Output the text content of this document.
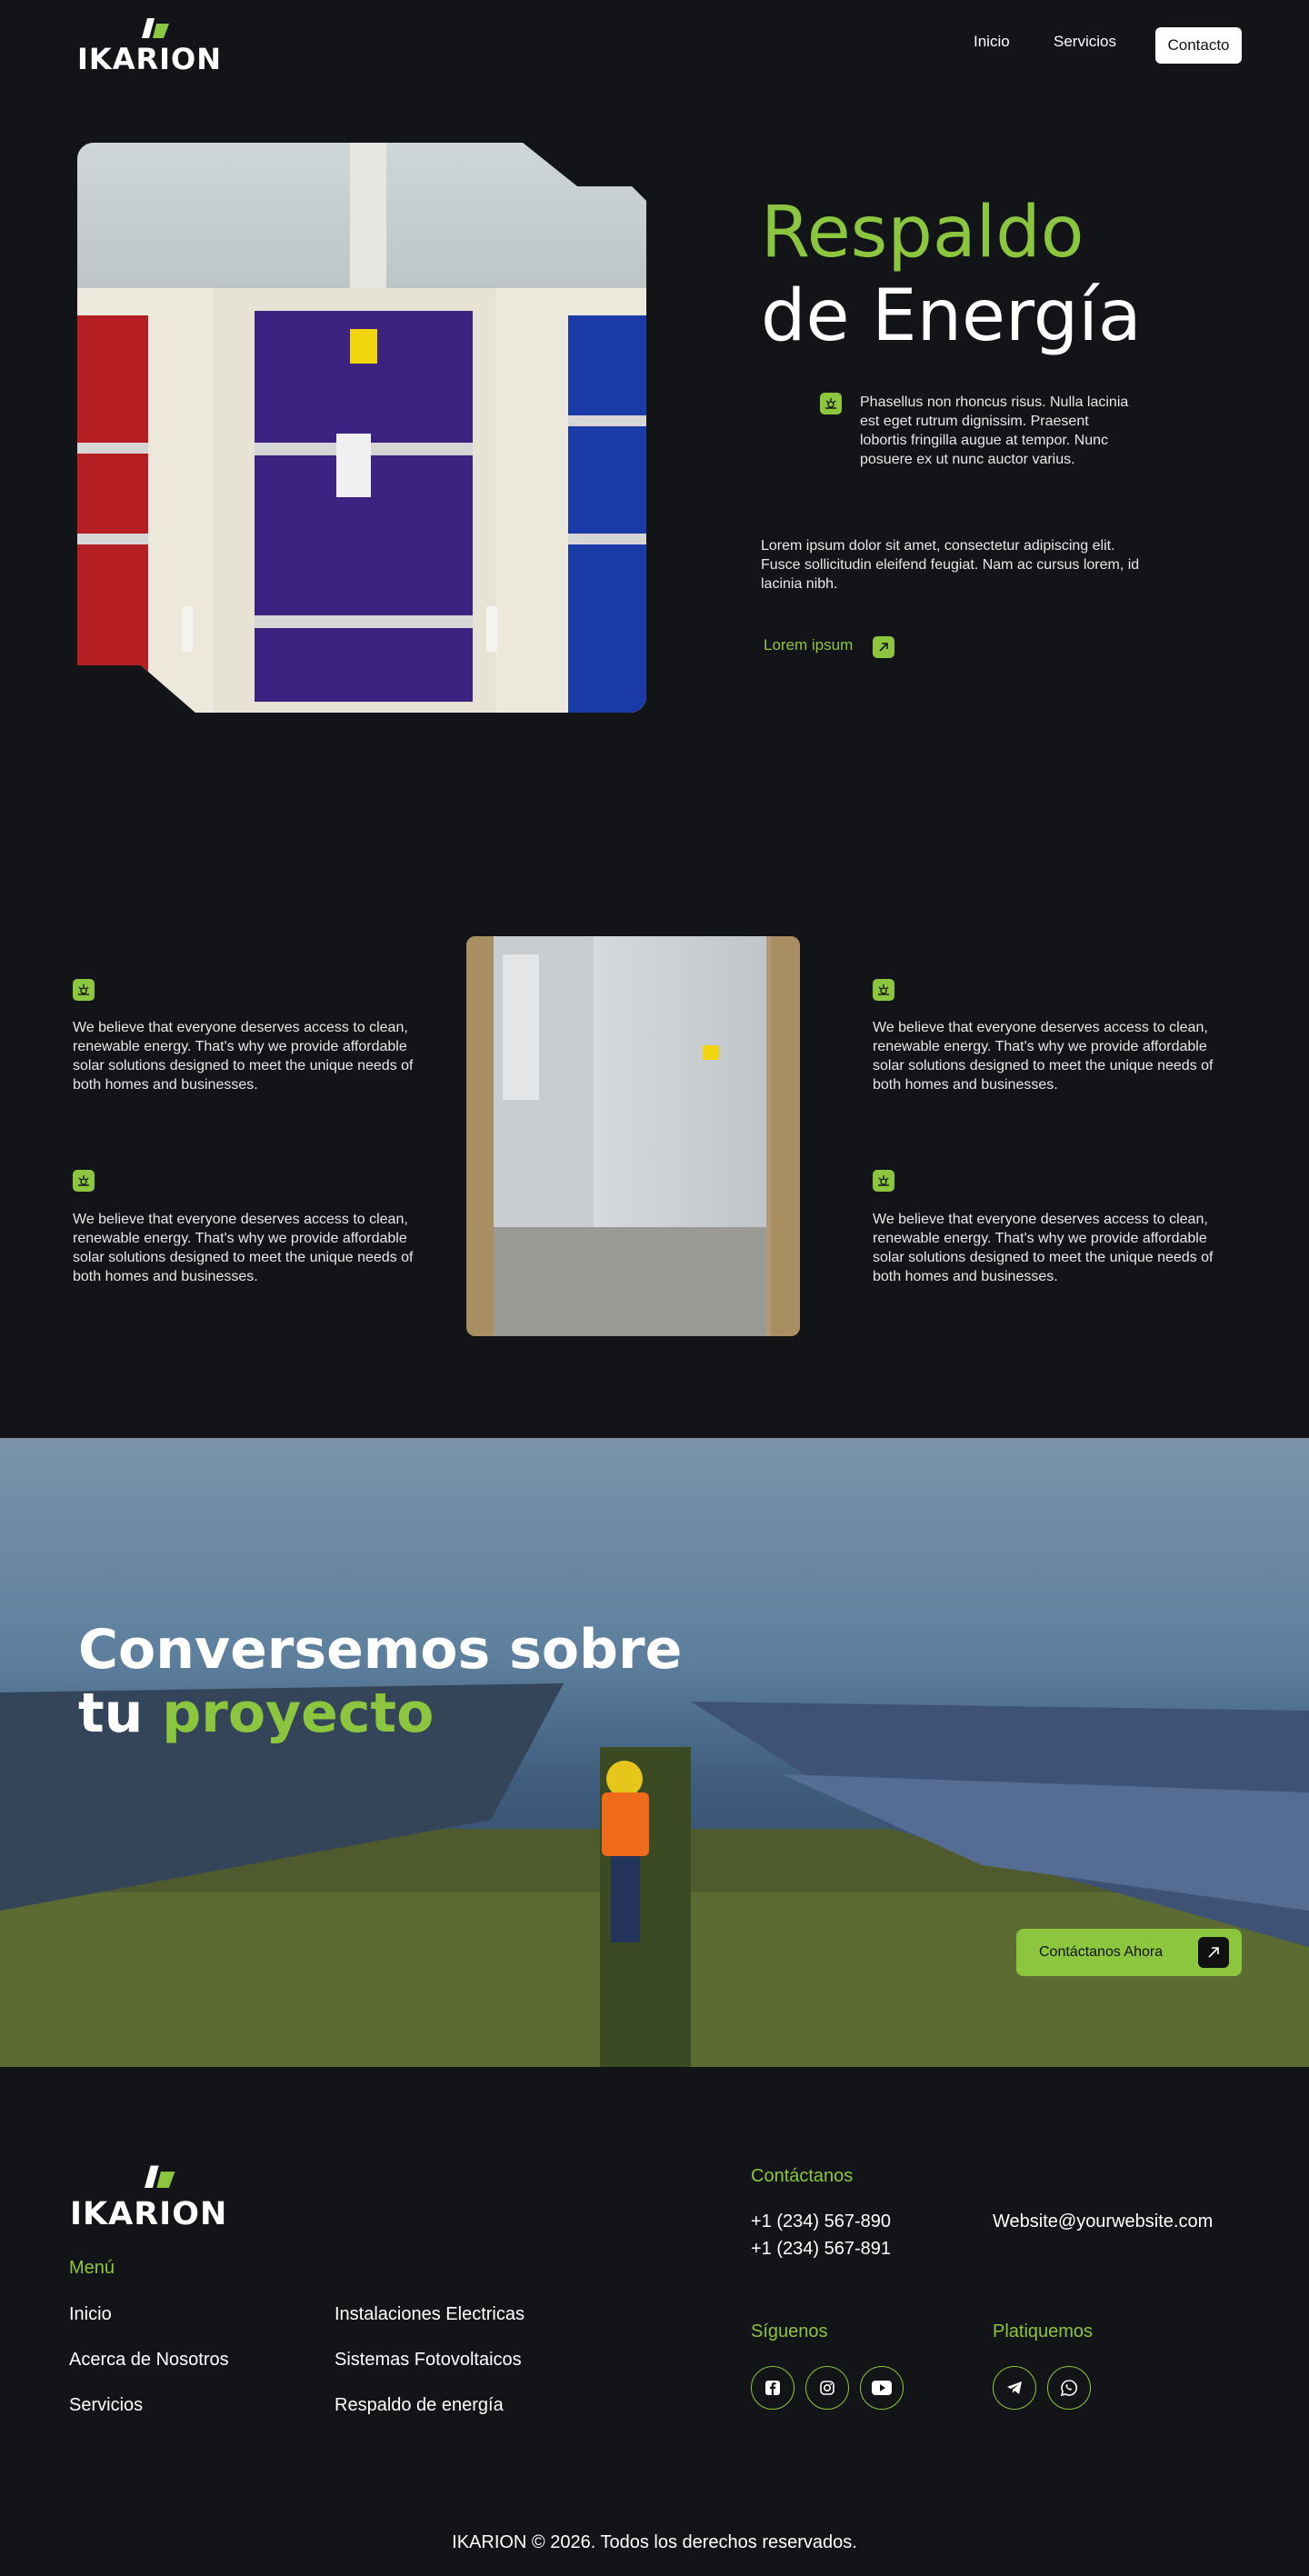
IKARION
Inicio	Servicios	Contacto
Respaldo
de Energía

Phasellus non rhoncus risus. Nulla lacinia est eget rutrum dignissim. Praesent lobortis fringilla augue at tempor. Nunc posuere ex ut nunc auctor varius.

Lorem ipsum dolor sit amet, consectetur adipiscing elit. Fusce sollicitudin eleifend feugiat. Nam ac cursus lorem, id lacinia nibh.

Lorem ipsum

We believe that everyone deserves access to clean, renewable energy. That's why we provide affordable solar solutions designed to meet the unique needs of both homes and businesses.

We believe that everyone deserves access to clean, renewable energy. That's why we provide affordable solar solutions designed to meet the unique needs of both homes and businesses.

We believe that everyone deserves access to clean, renewable energy. That's why we provide affordable solar solutions designed to meet the unique needs of both homes and businesses.

We believe that everyone deserves access to clean, renewable energy. That's why we provide affordable solar solutions designed to meet the unique needs of both homes and businesses.

Conversemos sobre
tu proyecto
Contáctanos Ahora
IKARION
Menú
Inicio
Acerca de Nosotros
Servicios
Instalaciones Electricas
Sistemas Fotovoltaicos
Respaldo de energía
Contáctanos
+1 (234) 567-890
+1 (234) 567-891
Website@yourwebsite.com
Síguenos	Platiquemos
IKARION © 2026. Todos los derechos reservados.
